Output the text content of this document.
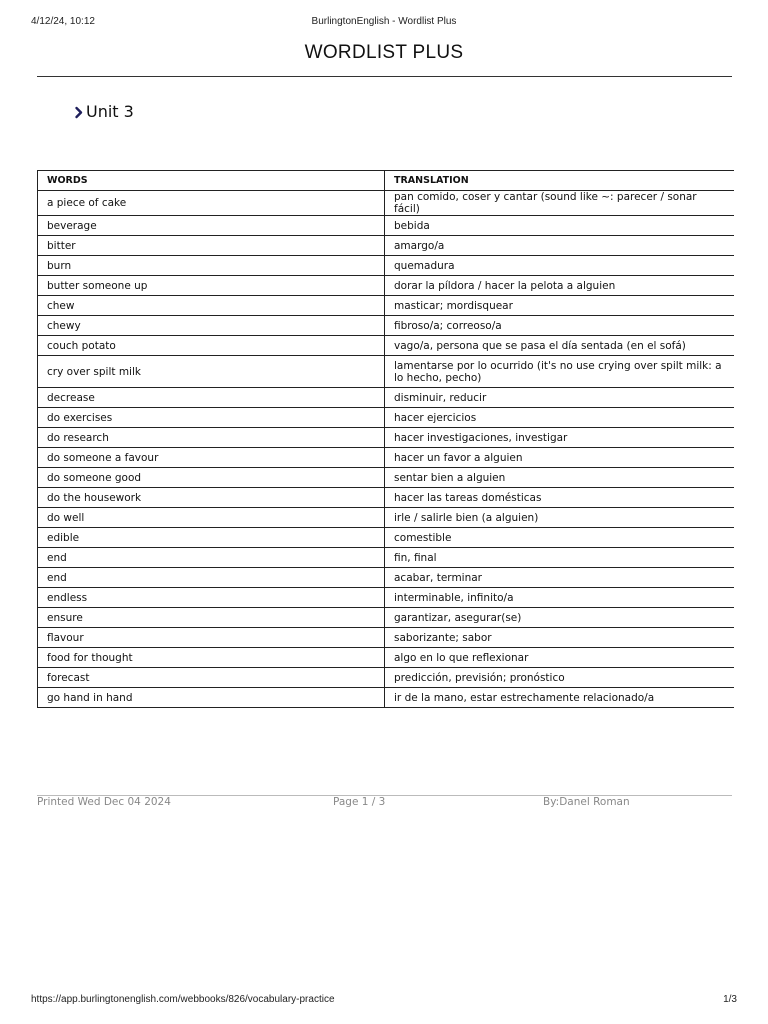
4/12/24, 10:12	BurlingtonEnglish - Wordlist Plus
WORDLIST PLUS
Unit 3
WORDS	TRANSLATION
a piece of cake	pan comido, coser y cantar (sound like ~: parecer / sonar fácil)
beverage	bebida
bitter	amargo/a
burn	quemadura
butter someone up	dorar la píldora / hacer la pelota a alguien
chew	masticar; mordisquear
chewy	fibroso/a; correoso/a
couch potato	vago/a, persona que se pasa el día sentada (en el sofá)
cry over spilt milk	lamentarse por lo ocurrido (it's no use crying over spilt milk: a lo hecho, pecho)
decrease	disminuir, reducir
do exercises	hacer ejercicios
do research	hacer investigaciones, investigar
do someone a favour	hacer un favor a alguien
do someone good	sentar bien a alguien
do the housework	hacer las tareas domésticas
do well	irle / salirle bien (a alguien)
edible	comestible
end	fin, final
end	acabar, terminar
endless	interminable, infinito/a
ensure	garantizar, asegurar(se)
flavour	saborizante; sabor
food for thought	algo en lo que reflexionar
forecast	predicción, previsión; pronóstico
go hand in hand	ir de la mano, estar estrechamente relacionado/a
Printed Wed Dec 04 2024	Page 1 / 3	By:Danel Roman
https://app.burlingtonenglish.com/webbooks/826/vocabulary-practice	1/3
